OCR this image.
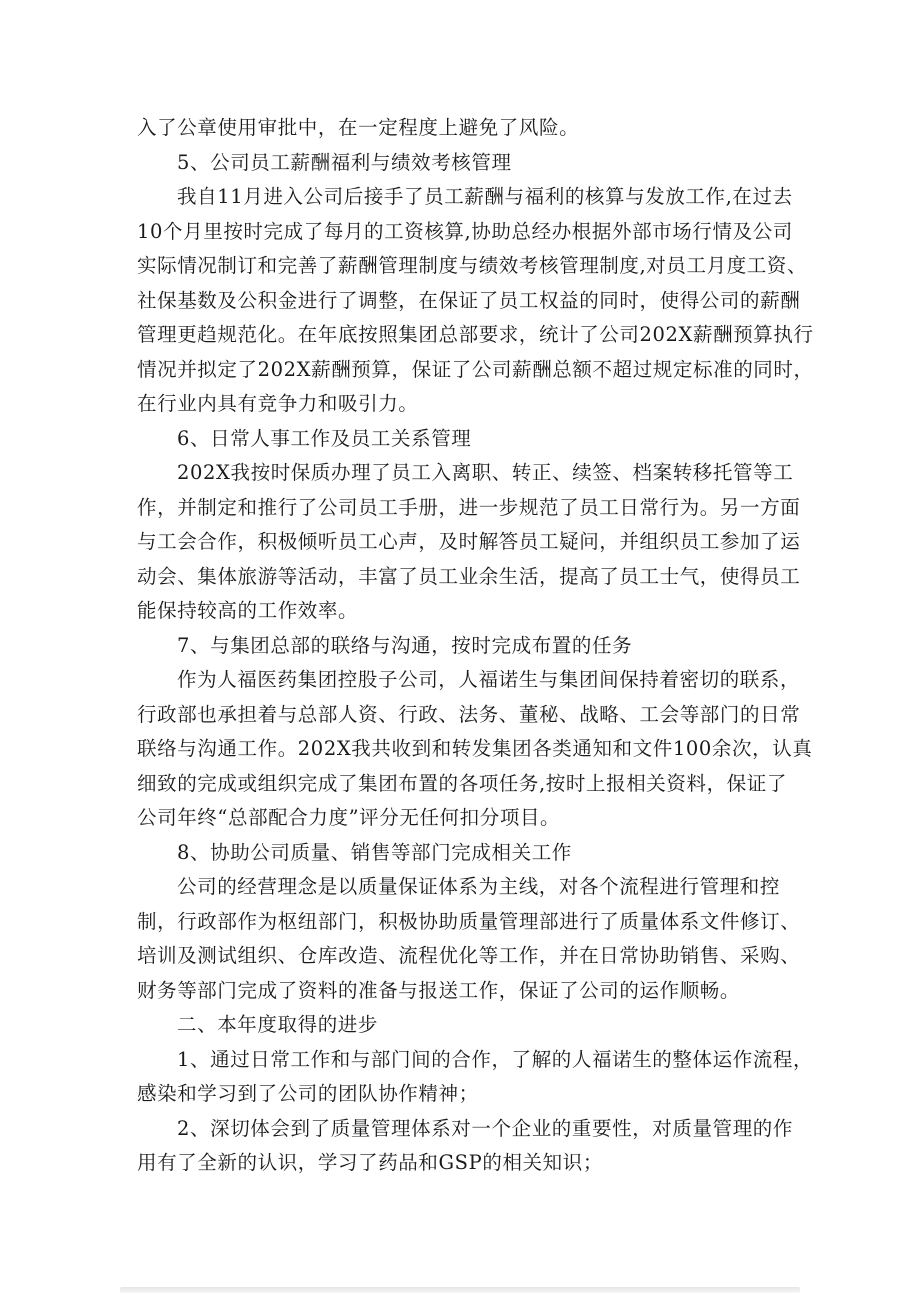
入了公章使用审批中，在一定程度上避免了风险。
5、公司员工薪酬福利与绩效考核管理
我自11月进入公司后接手了员工薪酬与福利的核算与发放工作,在过去
10个月里按时完成了每月的工资核算,协助总经办根据外部市场行情及公司
实际情况制订和完善了薪酬管理制度与绩效考核管理制度,对员工月度工资、
社保基数及公积金进行了调整，在保证了员工权益的同时，使得公司的薪酬
管理更趋规范化。在年底按照集团总部要求，统计了公司202X薪酬预算执行
情况并拟定了202X薪酬预算，保证了公司薪酬总额不超过规定标准的同时，
在行业内具有竞争力和吸引力。
6、日常人事工作及员工关系管理
202X我按时保质办理了员工入离职、转正、续签、档案转移托管等工
作，并制定和推行了公司员工手册，进一步规范了员工日常行为。另一方面
与工会合作，积极倾听员工心声，及时解答员工疑问，并组织员工参加了运
动会、集体旅游等活动，丰富了员工业余生活，提高了员工士气，使得员工
能保持较高的工作效率。
7、与集团总部的联络与沟通，按时完成布置的任务
作为人福医药集团控股子公司，人福诺生与集团间保持着密切的联系，
行政部也承担着与总部人资、行政、法务、董秘、战略、工会等部门的日常
联络与沟通工作。202X我共收到和转发集团各类通知和文件100余次，认真
细致的完成或组织完成了集团布置的各项任务,按时上报相关资料，保证了
公司年终“总部配合力度”评分无任何扣分项目。
8、协助公司质量、销售等部门完成相关工作
公司的经营理念是以质量保证体系为主线，对各个流程进行管理和控
制，行政部作为枢纽部门，积极协助质量管理部进行了质量体系文件修订、
培训及测试组织、仓库改造、流程优化等工作，并在日常协助销售、采购、
财务等部门完成了资料的准备与报送工作，保证了公司的运作顺畅。
二、本年度取得的进步
1、通过日常工作和与部门间的合作，了解的人福诺生的整体运作流程，
感染和学习到了公司的团队协作精神；
2、深切体会到了质量管理体系对一个企业的重要性，对质量管理的作
用有了全新的认识，学习了药品和GSP的相关知识；
